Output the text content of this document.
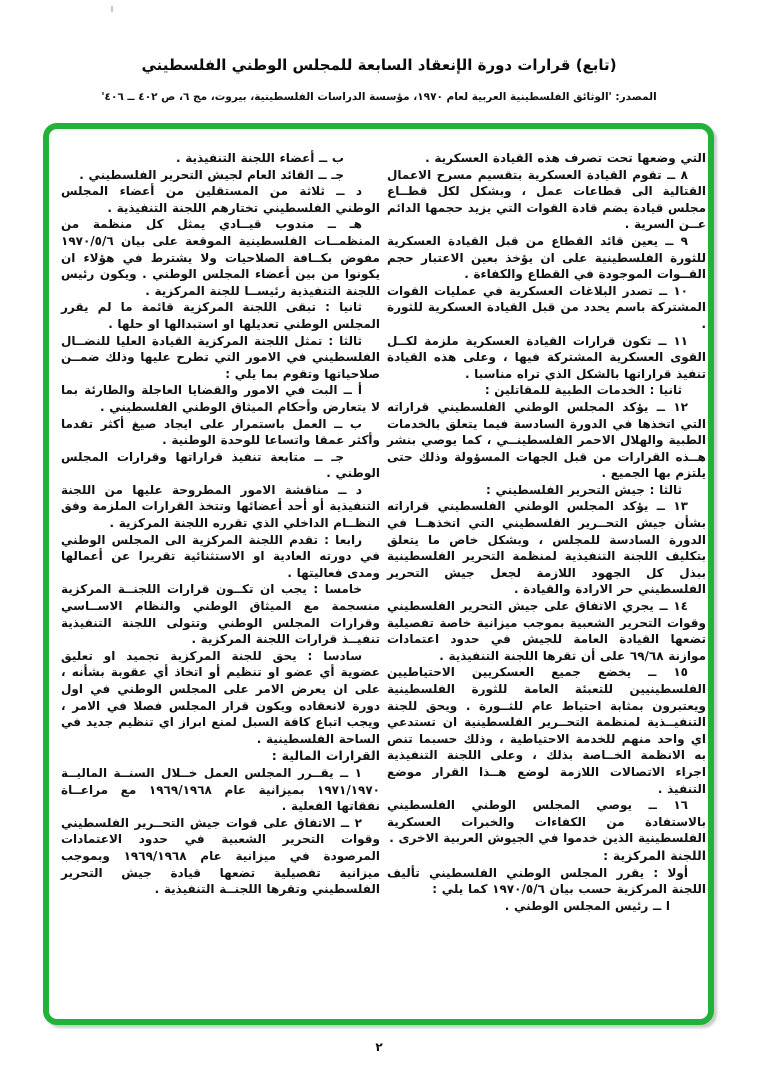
(تابع) قرارات دورة الإنعقاد السابعة للمجلس الوطني الفلسطيني
المصدر: 'الوثائق الفلسطينية العربية لعام ١٩٧٠، مؤسسة الدراسات الفلسطينية، بيروت، مج ٦، ص ٤٠٢ ــ ٤٠٦'

التي وضعها تحت تصرف هذه القيادة العسكرية .

٨ ــ تقوم القيادة العسكرية بتقسيم مسرح الاعمال القتالية الى قطاعات عمل ، وبشكل لكل قطــاع مجلس قيادة يضم قادة القوات التي يزيد حجمها الدائم عــن السرية .

٩ ــ يعين قائد القطاع من قبل القيادة العسكرية للثورة الفلسطينية على ان يؤخذ بعين الاعتبار حجم القــوات الموجودة في القطاع والكفاءة .

١٠ ــ تصدر البلاغات العسكرية في عمليات القوات المشتركة باسم يحدد من قبل القيادة العسكرية للثورة .

١١ ــ تكون قرارات القيادة العسكرية ملزمة لكــل القوى العسكرية المشتركة فيها ، وعلى هذه القيادة تنفيذ قراراتها بالشكل الذي تراه مناسبا .

ثانيا : الخدمات الطبية للمقاتلين :

١٢ ــ يؤكد المجلس الوطني الفلسطيني قراراته التي اتخذها في الدورة السادسة فيما يتعلق بالخدمات الطبية والهلال الاحمر الفلسطينــي ، كما يوصي بنشر هــذه القرارات من قبل الجهات المسؤولة وذلك حتى يلتزم بها الجميع .

ثالثا : جيش التحرير الفلسطيني :

١٣ ــ يؤكد المجلس الوطني الفلسطيني قراراته بشأن جيش التحــرير الفلسطيني التي اتخذهــا في الدورة السادسة للمجلس ، وبشكل خاص ما يتعلق بتكليف اللجنة التنفيذية لمنظمة التحرير الفلسطينية ببذل كل الجهود اللازمة لجعل جيش التحرير الفلسطيني حر الارادة والقيادة .

١٤ ــ يجري الاتفاق على جيش التحرير الفلسطيني وقوات التحرير الشعبية بموجب ميزانية خاصة تفصيلية تضعها القيادة العامة للجيش في حدود اعتمادات موازنة ٦٩/٦٨ على أن تقرها اللجنة التنفيذية .

١٥ ــ يخضع جميع العسكريين الاحتياطيين الفلسطينيين للتعبئة العامة للثورة الفلسطينية ويعتبرون بمثابة احتياط عام للثــورة . ويحق للجنة التنفيــذية لمنظمة التحــرير الفلسطينية ان تستدعي اي واحد منهم للخدمة الاحتياطية ، وذلك حسبما تنص به الانظمة الخــاصة بذلك ، وعلى اللجنة التنفيذية اجراء الاتصالات اللازمة لوضع هــذا القرار موضع التنفيذ .

١٦ ــ يوصي المجلس الوطني الفلسطيني بالاستفادة من الكفاءات والخبرات العسكرية الفلسطينية الذين خدموا في الجيوش العربية الاخرى .

اللجنة المركزية :

أولا : يقرر المجلس الوطني الفلسطيني تأليف اللجنة المركزية حسب بيان ١٩٧٠/٥/٦ كما يلي :

ا ــ رئيس المجلس الوطني .

ب ــ أعضاء اللجنة التنفيذية .

جـ ــ القائد العام لجيش التحرير الفلسطيني .

د ــ ثلاثة من المستقلين من أعضاء المجلس الوطني الفلسطيني تختارهم اللجنة التنفيذية .

هـ ــ مندوب قيــادي يمثل كل منظمة من المنظمــات الفلسطينية الموقعة على بيان ١٩٧٠/٥/٦ مفوض بكــافة الصلاحيات ولا يشترط في هؤلاء ان يكونوا من بين أعضاء المجلس الوطني . ويكون رئيس اللجنة التنفيذية رئيســا للجنة المركزية .

ثانيا : تبقى اللجنة المركزية قائمة ما لم يقرر المجلس الوطني تعديلها او استبدالها او حلها .

ثالثا : تمثل اللجنة المركزية القيادة العليا للنضــال الفلسطيني في الامور التي تطرح عليها وذلك ضمــن صلاحياتها وتقوم بما يلي :

أ ــ البت في الامور والقضايا العاجلة والطارئة بما لا يتعارض وأحكام الميثاق الوطني الفلسطيني .

ب ــ العمل باستمرار على ايجاد صيغ أكثر تقدما وأكثر عمقا واتساعا للوحدة الوطنية .

جـ ــ متابعة تنفيذ قراراتها وقرارات المجلس الوطني .

د ــ مناقشة الامور المطروحة عليها من اللجنة التنفيذية أو أحد أعضائها وتتخذ القرارات الملزمة وفق النظــام الداخلي الذي تقرره اللجنة المركزية .

رابعا : تقدم اللجنة المركزية الى المجلس الوطني في دورته العادية او الاستثنائية تقريرا عن أعمالها ومدى فعاليتها .

خامسا : يجب ان تكــون قرارات اللجنــة المركزية منسجمة مع الميثاق الوطني والنظام الاســاسي وقرارات المجلس الوطني وتتولى اللجنة التنفيذية تنفيــذ قرارات اللجنة المركزية .

سادسا : يحق للجنة المركزية تجميد او تعليق عضوية أي عضو او تنظيم أو اتخاذ أي عقوبة بشأنه ، على ان يعرض الامر على المجلس الوطني في اول دورة لانعقاده ويكون قرار المجلس فصلا في الامر ، ويجب اتباع كافة السبل لمنع ابراز اي تنظيم جديد في الساحة الفلسطينية .

القرارات المالية :

١ ــ يقــرر المجلس العمل خــلال السنــة الماليــة ١٩٧١/١٩٧٠ بميزانية عام ١٩٦٩/١٩٦٨ مع مراعــاة نفقاتها الفعلية .

٢ ــ الاتفاق على قوات جيش التحــرير الفلسطيني وقوات التحرير الشعبية في حدود الاعتمادات المرصودة في ميزانية عام ١٩٦٩/١٩٦٨ وبموجب ميزانية تفصيلية تضعها قيادة جيش التحرير الفلسطيني وتقرها اللجنــة التنفيذية .

٢
